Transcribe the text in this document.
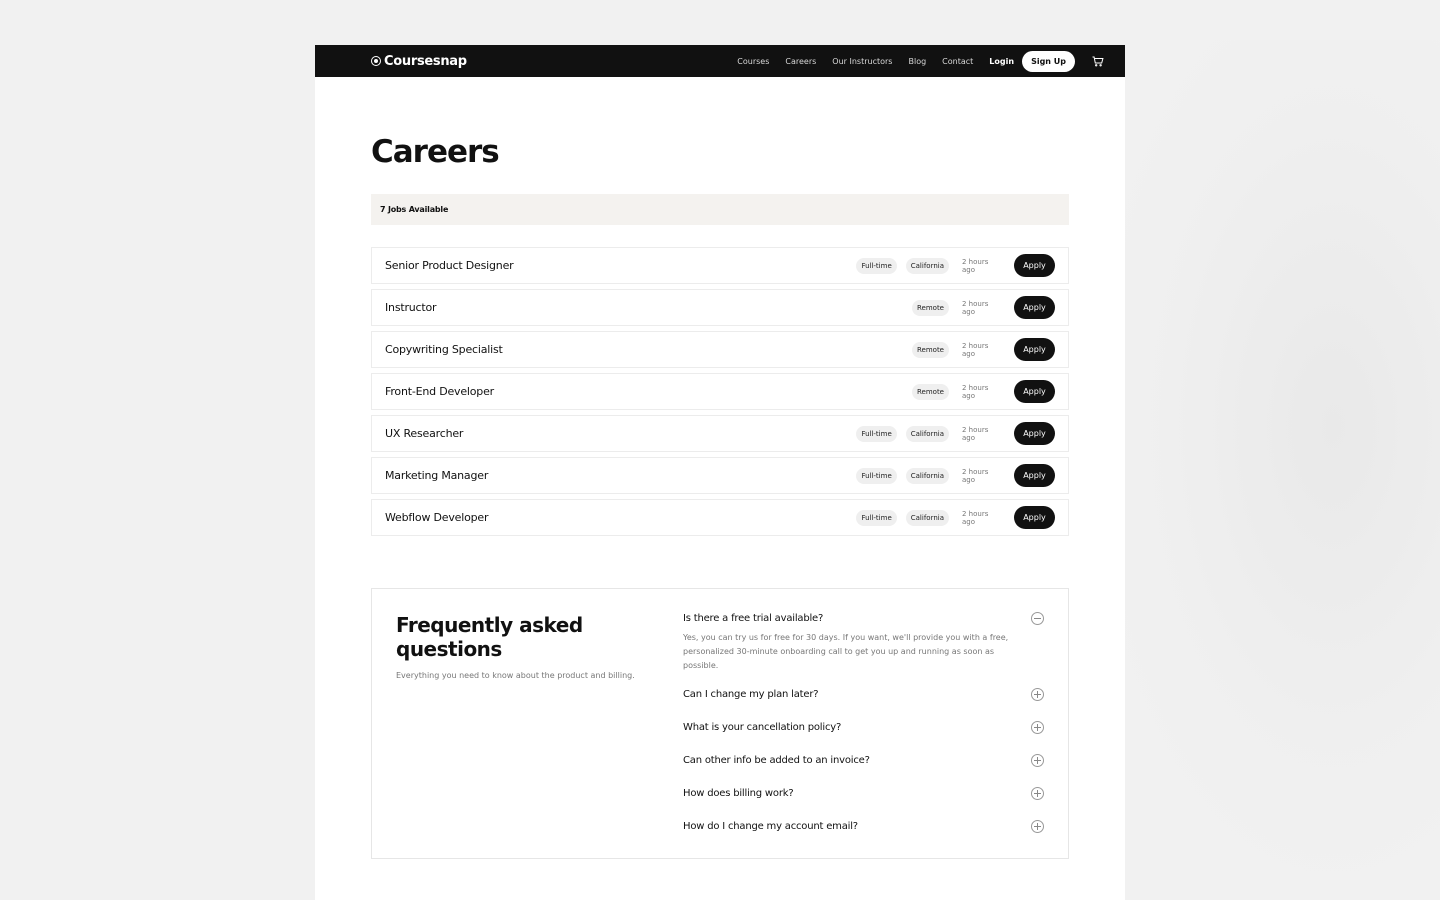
Coursesnap	Courses Careers Our Instructors Blog Contact Login	Sign Up
Careers
7 Jobs Available
Senior Product Designer	Full-time	California	2 hours ago	Apply
Instructor	Remote	2 hours ago	Apply
Copywriting Specialist	Remote	2 hours ago	Apply
Front-End Developer	Remote	2 hours ago	Apply
UX Researcher	Full-time	California	2 hours ago	Apply
Marketing Manager	Full-time	California	2 hours ago	Apply
Webflow Developer	Full-time	California	2 hours ago	Apply
Frequently asked questions

Everything you need to know about the product and billing.

Is there a free trial available?

Yes, you can try us for free for 30 days. If you want, we'll provide you with a free, personalized 30-minute onboarding call to get you up and running as soon as possible.

Can I change my plan later?
What is your cancellation policy?
Can other info be added to an invoice?
How does billing work?
How do I change my account email?
